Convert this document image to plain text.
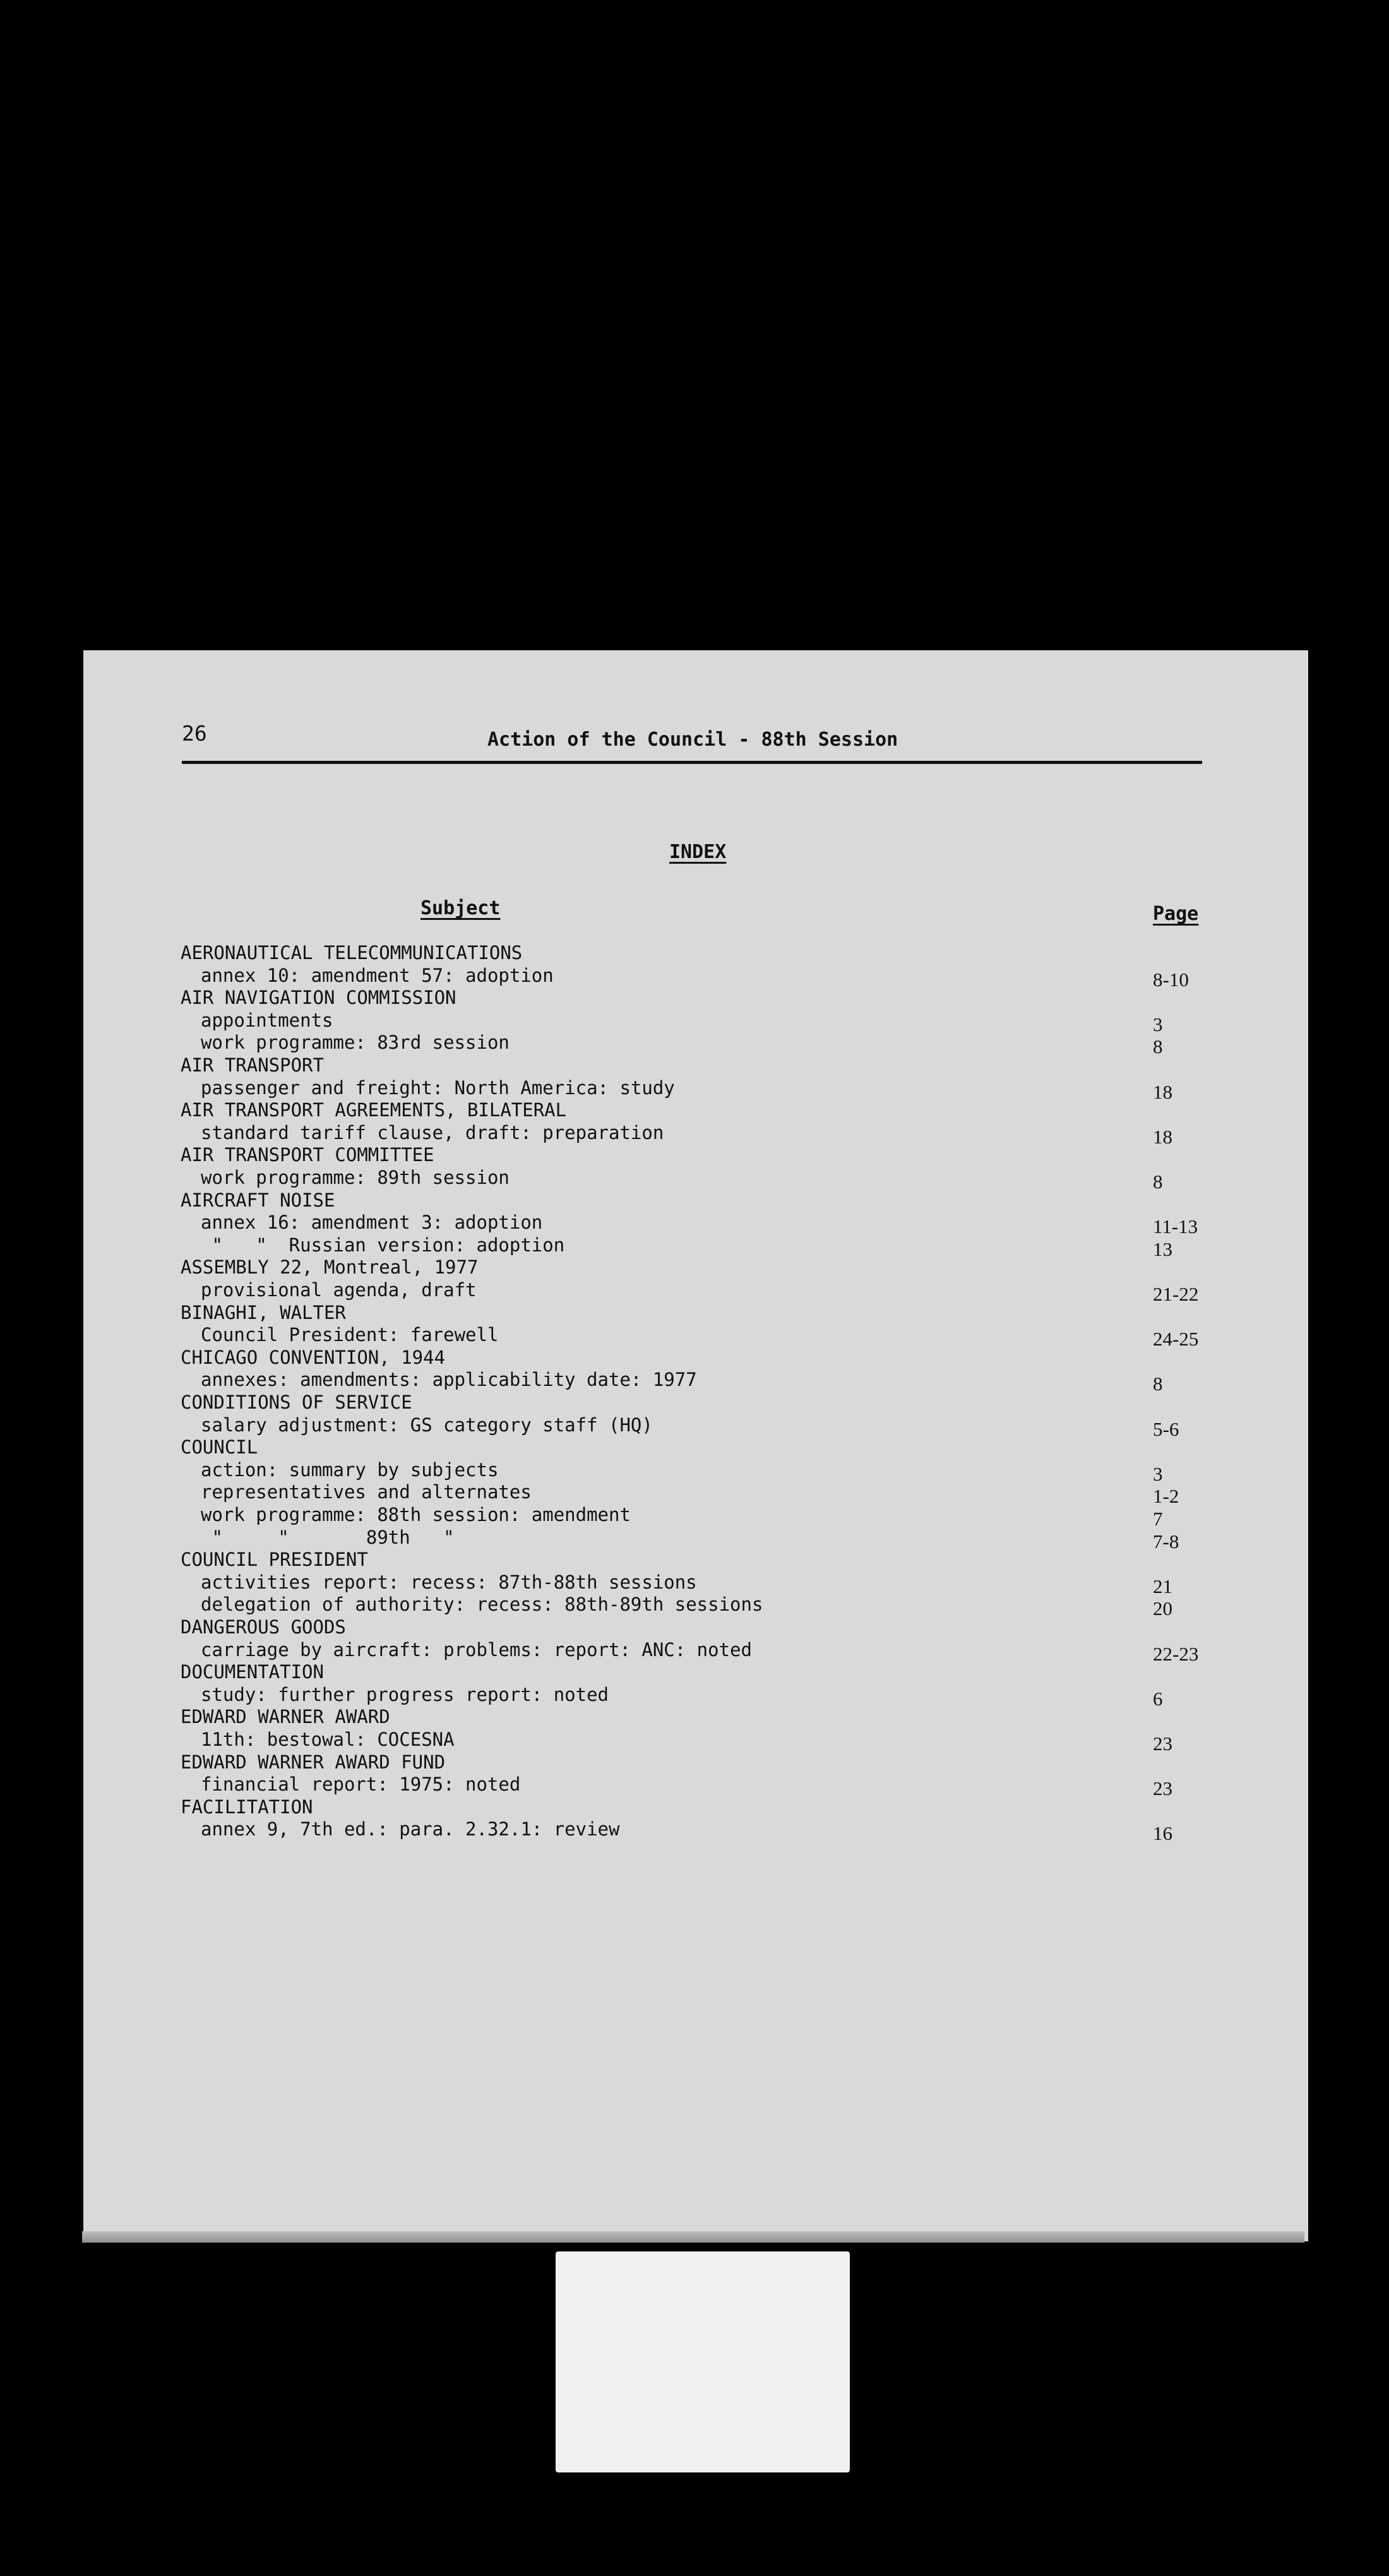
26	Action of the Council - 88th Session
INDEX
Subject	Page
AERONAUTICAL TELECOMMUNICATIONS
annex 10: amendment 57: adoption	8-10
AIR NAVIGATION COMMISSION
appointments	3
work programme: 83rd session	8
AIR TRANSPORT
passenger and freight: North America: study	18
AIR TRANSPORT AGREEMENTS, BILATERAL
standard tariff clause, draft: preparation	18
AIR TRANSPORT COMMITTEE
work programme: 89th session	8
AIRCRAFT NOISE
annex 16: amendment 3: adoption	11-13
"   "  Russian version: adoption	13
ASSEMBLY 22, Montreal, 1977
provisional agenda, draft	21-22
BINAGHI, WALTER
Council President: farewell	24-25
CHICAGO CONVENTION, 1944
annexes: amendments: applicability date: 1977	8
CONDITIONS OF SERVICE
salary adjustment: GS category staff (HQ)	5-6
COUNCIL
action: summary by subjects	3
representatives and alternates	1-2
work programme: 88th session: amendment	7
"     "       89th   "	7-8
COUNCIL PRESIDENT
activities report: recess: 87th-88th sessions	21
delegation of authority: recess: 88th-89th sessions	20
DANGEROUS GOODS
carriage by aircraft: problems: report: ANC: noted	22-23
DOCUMENTATION
study: further progress report: noted	6
EDWARD WARNER AWARD
11th: bestowal: COCESNA	23
EDWARD WARNER AWARD FUND
financial report: 1975: noted	23
FACILITATION
annex 9, 7th ed.: para. 2.32.1: review	16
